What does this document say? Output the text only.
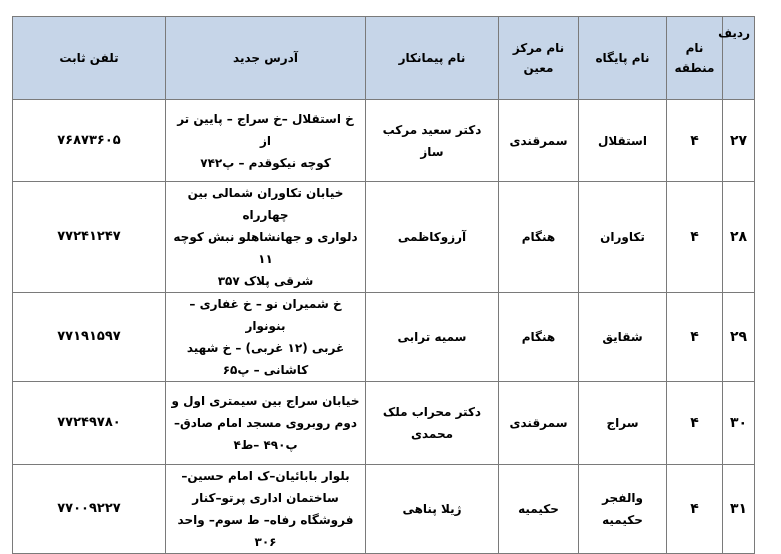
ردیف	نام منطقه	نام پایگاه	نام مرکز معین	نام پیمانکار	آدرس جدید	تلفن ثابت
۲۷	۴	استقلال	سمرقندی	دکتر سعید مرکب ساز	خ استقلال –خ سراج – پایین تر از
کوچه نیکوقدم – پ۷۴۲	۷۶۸۷۳۶۰۵
۲۸	۴	تکاوران	هنگام	آرزوکاظمی	خیابان تکاوران شمالی بین چهارراه
دلواری و جهانشاهلو نبش کوچه ۱۱
شرقی پلاک ۳۵۷	۷۷۲۴۱۲۴۷
۲۹	۴	شقایق	هنگام	سمیه ترابی	خ شمیران نو – خ غفاری – بنونوار
غربی (۱۲ غربی) – خ شهید
کاشانی – پ۶۵	۷۷۱۹۱۵۹۷
۳۰	۴	سراج	سمرقندی	دکتر محراب ملک
محمدی	خیابان سراج بین سیمتری اول و
دوم روبروی مسجد امام صادق–
پ۴۹۰ –ط۴	۷۷۲۴۹۷۸۰
۳۱	۴	والفجر حکیمیه	حکیمیه	ژیلا پناهی	بلوار بابائیان–ک امام حسین–
ساختمان اداری پرتو–کنار
فروشگاه رفاه– ط سوم– واحد ۳۰۶	۷۷۰۰۹۲۲۷
